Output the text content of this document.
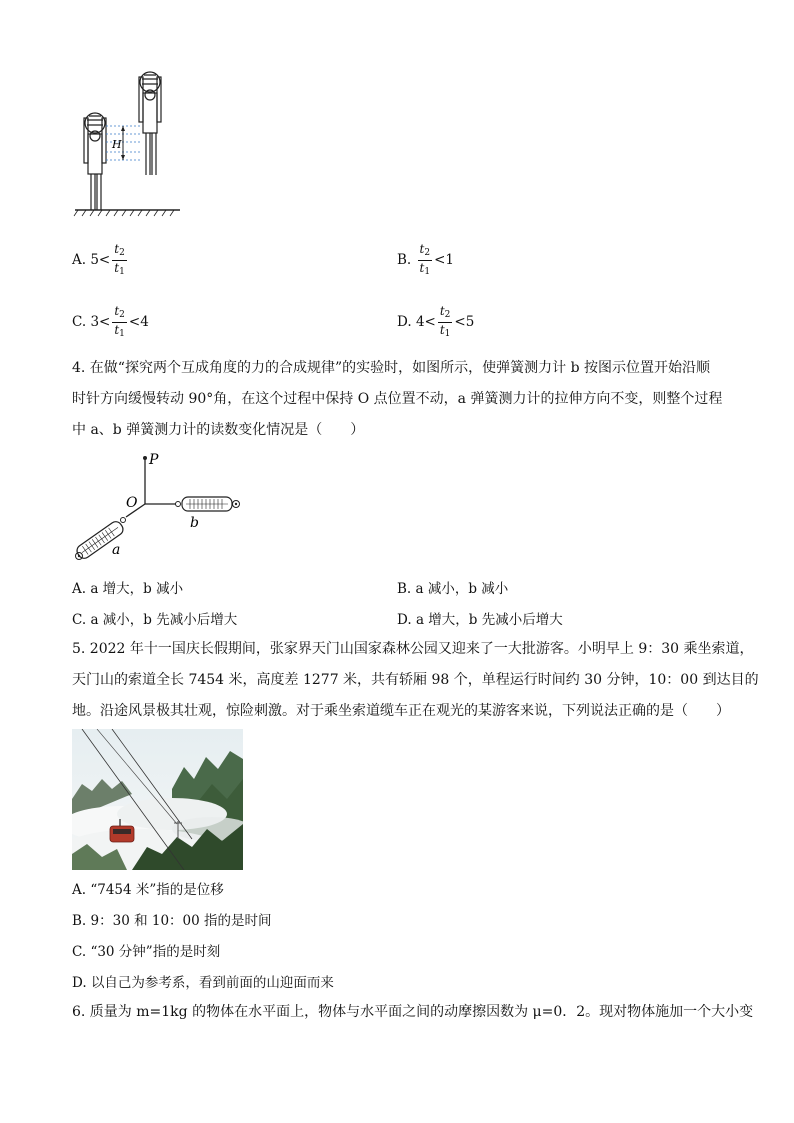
H
A. $5< \frac{t_2}{t_1}$	B. $\frac{t_2}{t_1} <1$
C. $3< \frac{t_2}{t_1} <4$	D. $4< \frac{t_2}{t_1} <5$
4. 在做“探究两个互成角度的力的合成规律”的实验时，如图所示，使弹簧测力计 b 按图示位置开始沿顺
时针方向缓慢转动 90°角，在这个过程中保持 O 点位置不动，a 弹簧测力计的拉伸方向不变，则整个过程
中 a、b 弹簧测力计的读数变化情况是（　　）
P
O
b
a
A. a 增大，b 减小	B. a 减小，b 减小
C. a 减小，b 先减小后增大	D. a 增大，b 先减小后增大
5. 2022 年十一国庆长假期间，张家界天门山国家森林公园又迎来了一大批游客。小明早上 9：30 乘坐索道，
天门山的索道全长 7454 米，高度差 1277 米，共有轿厢 98 个，单程运行时间约 30 分钟，10：00 到达目的
地。沿途风景极其壮观，惊险刺激。对于乘坐索道缆车正在观光的某游客来说，下列说法正确的是（　　）
A. “7454 米”指的是位移
B. 9：30 和 10：00 指的是时间
C. “30 分钟”指的是时刻
D. 以自己为参考系，看到前面的山迎面而来
6. 质量为 m=1kg 的物体在水平面上，物体与水平面之间的动摩擦因数为 μ=0．2。现对物体施加一个大小变
